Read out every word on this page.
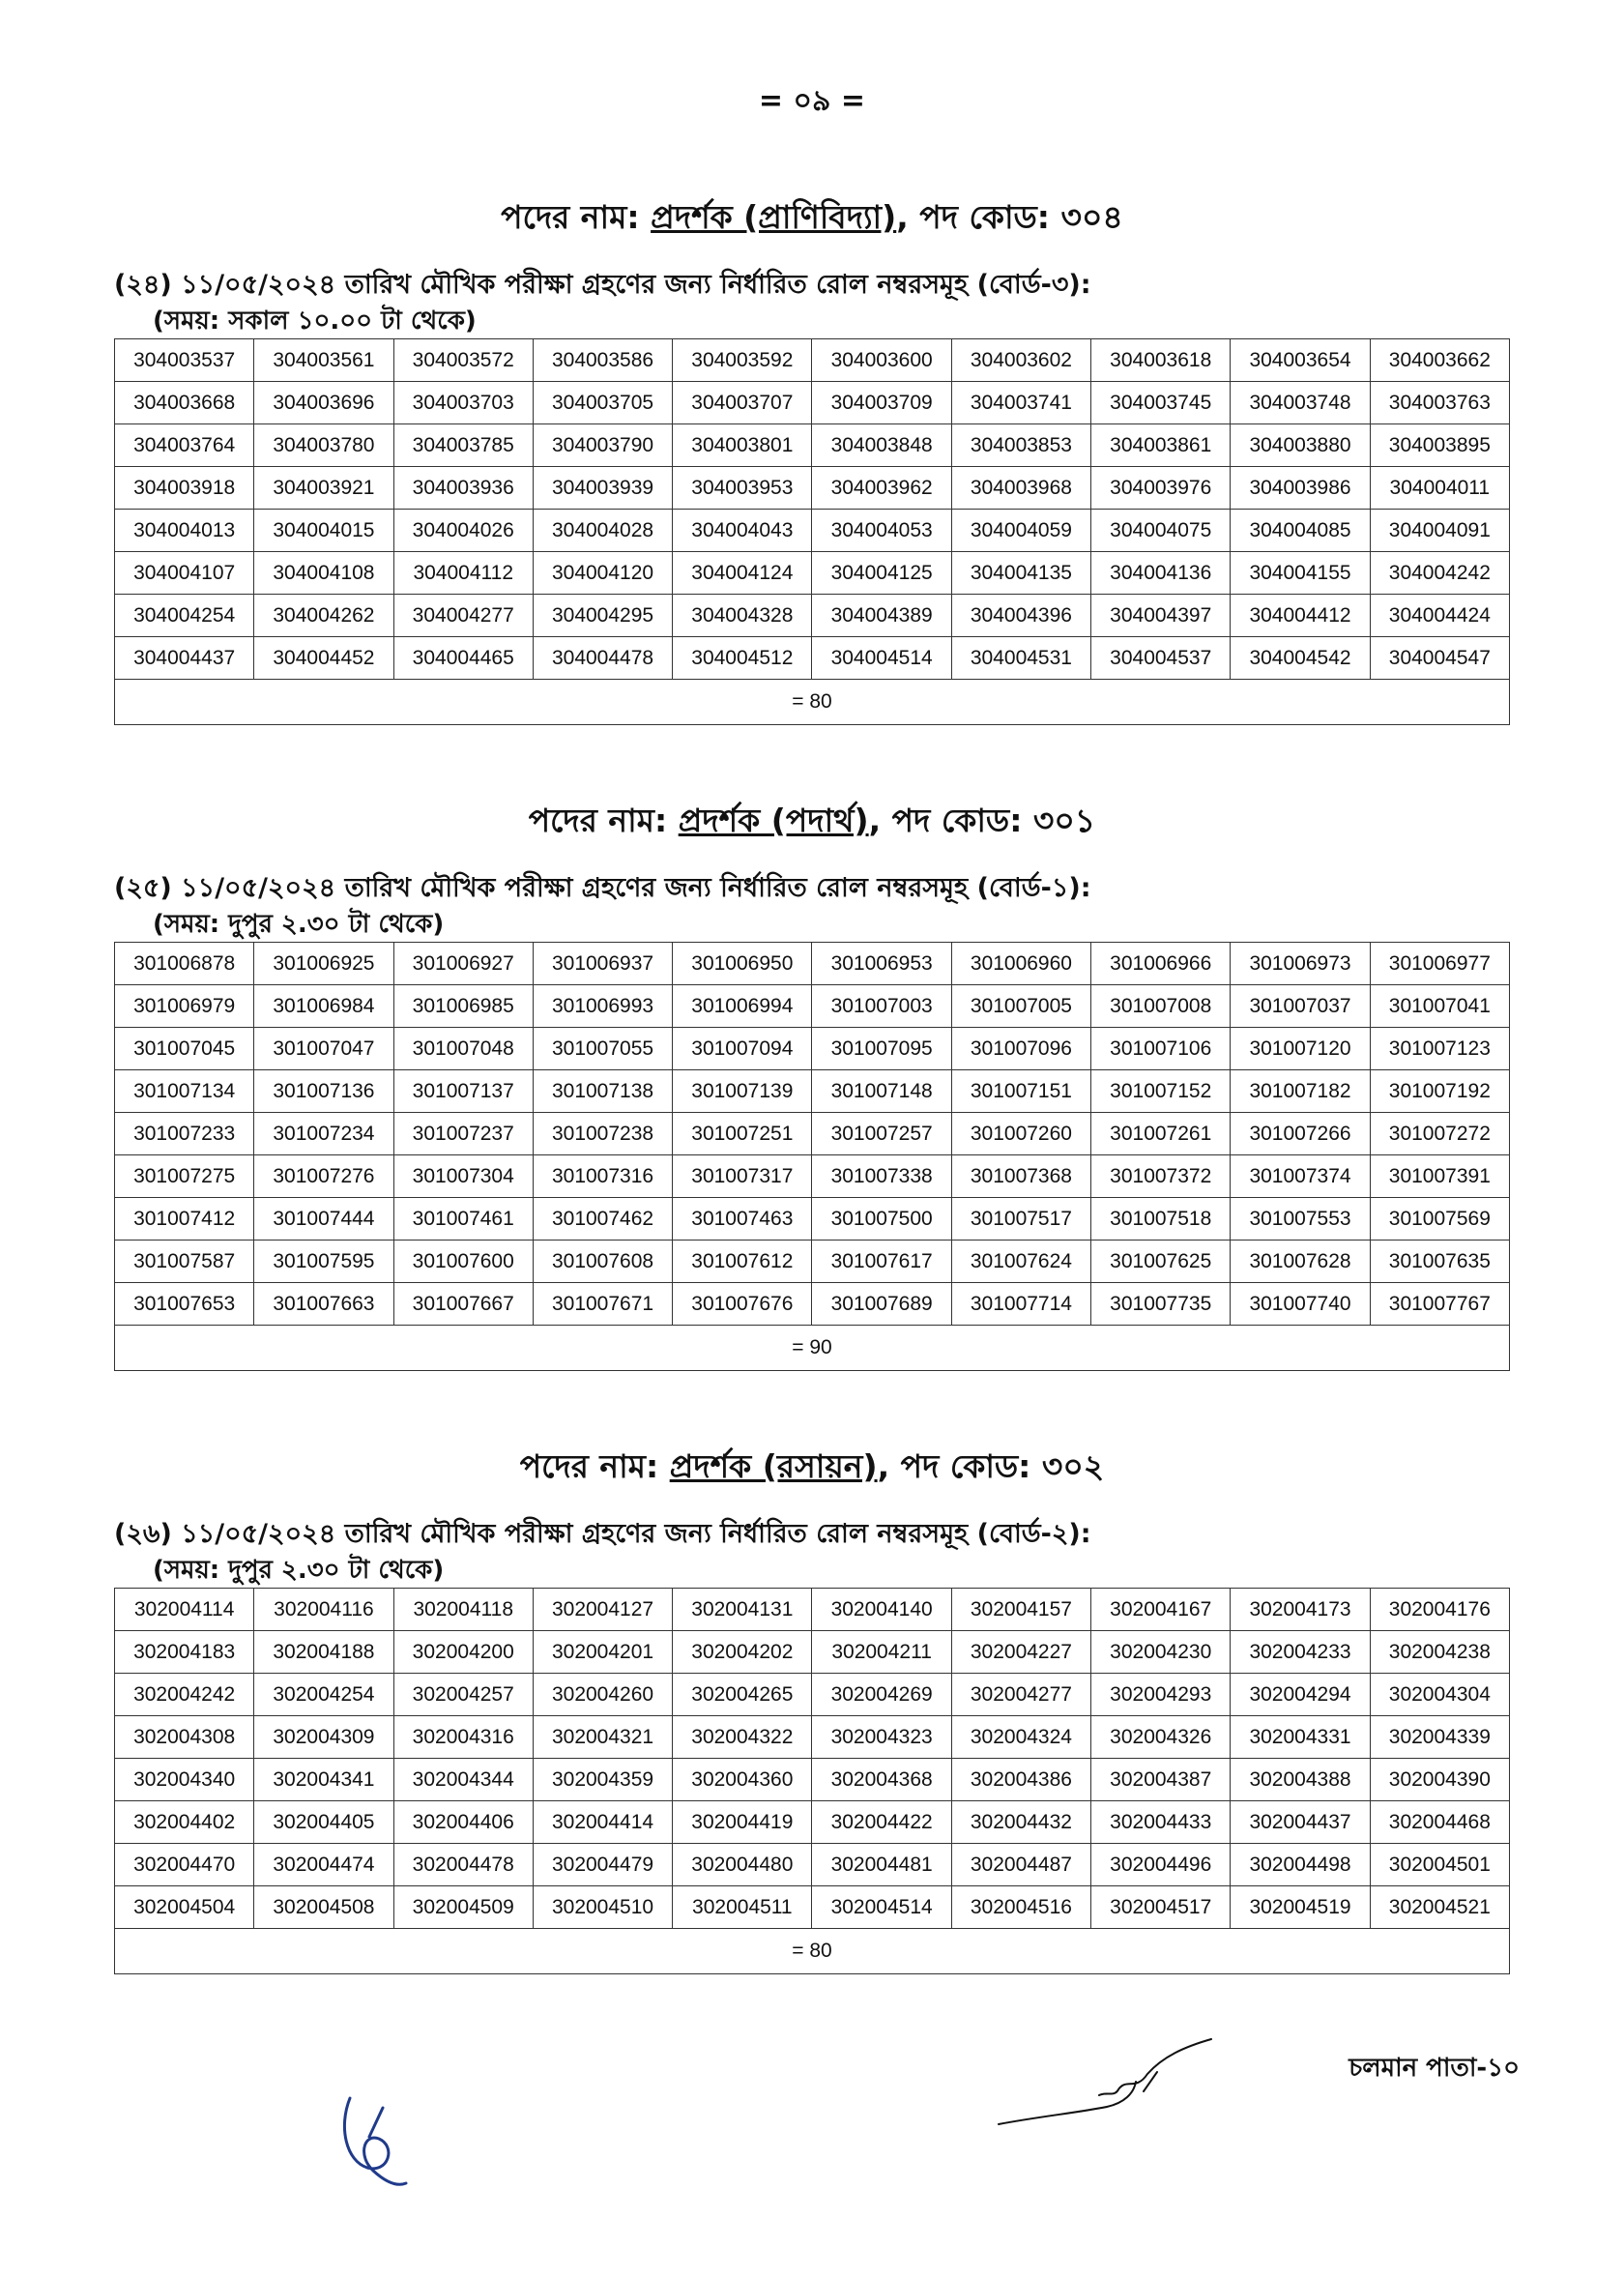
= ০৯ =
পদের নাম: প্রদর্শক (প্রাণিবিদ্যা), পদ কোড: ৩০৪
(২৪) ১১/০৫/২০২৪ তারিখ মৌখিক পরীক্ষা গ্রহণের জন্য নির্ধারিত রোল নম্বরসমূহ (বোর্ড-৩):
(সময়: সকাল ১০.০০ টা থেকে)
304003537	304003561	304003572	304003586	304003592	304003600	304003602	304003618	304003654	304003662
304003668	304003696	304003703	304003705	304003707	304003709	304003741	304003745	304003748	304003763
304003764	304003780	304003785	304003790	304003801	304003848	304003853	304003861	304003880	304003895
304003918	304003921	304003936	304003939	304003953	304003962	304003968	304003976	304003986	304004011
304004013	304004015	304004026	304004028	304004043	304004053	304004059	304004075	304004085	304004091
304004107	304004108	304004112	304004120	304004124	304004125	304004135	304004136	304004155	304004242
304004254	304004262	304004277	304004295	304004328	304004389	304004396	304004397	304004412	304004424
304004437	304004452	304004465	304004478	304004512	304004514	304004531	304004537	304004542	304004547
= 80									
পদের নাম: প্রদর্শক (পদার্থ), পদ কোড: ৩০১
(২৫) ১১/০৫/২০২৪ তারিখ মৌখিক পরীক্ষা গ্রহণের জন্য নির্ধারিত রোল নম্বরসমূহ (বোর্ড-১):
(সময়: দুপুর ২.৩০ টা থেকে)
301006878	301006925	301006927	301006937	301006950	301006953	301006960	301006966	301006973	301006977
301006979	301006984	301006985	301006993	301006994	301007003	301007005	301007008	301007037	301007041
301007045	301007047	301007048	301007055	301007094	301007095	301007096	301007106	301007120	301007123
301007134	301007136	301007137	301007138	301007139	301007148	301007151	301007152	301007182	301007192
301007233	301007234	301007237	301007238	301007251	301007257	301007260	301007261	301007266	301007272
301007275	301007276	301007304	301007316	301007317	301007338	301007368	301007372	301007374	301007391
301007412	301007444	301007461	301007462	301007463	301007500	301007517	301007518	301007553	301007569
301007587	301007595	301007600	301007608	301007612	301007617	301007624	301007625	301007628	301007635
301007653	301007663	301007667	301007671	301007676	301007689	301007714	301007735	301007740	301007767
= 90									
পদের নাম: প্রদর্শক (রসায়ন), পদ কোড: ৩০২
(২৬) ১১/০৫/২০২৪ তারিখ মৌখিক পরীক্ষা গ্রহণের জন্য নির্ধারিত রোল নম্বরসমূহ (বোর্ড-২):
(সময়: দুপুর ২.৩০ টা থেকে)
302004114	302004116	302004118	302004127	302004131	302004140	302004157	302004167	302004173	302004176
302004183	302004188	302004200	302004201	302004202	302004211	302004227	302004230	302004233	302004238
302004242	302004254	302004257	302004260	302004265	302004269	302004277	302004293	302004294	302004304
302004308	302004309	302004316	302004321	302004322	302004323	302004324	302004326	302004331	302004339
302004340	302004341	302004344	302004359	302004360	302004368	302004386	302004387	302004388	302004390
302004402	302004405	302004406	302004414	302004419	302004422	302004432	302004433	302004437	302004468
302004470	302004474	302004478	302004479	302004480	302004481	302004487	302004496	302004498	302004501
302004504	302004508	302004509	302004510	302004511	302004514	302004516	302004517	302004519	302004521
= 80									
চলমান পাতা-১০
